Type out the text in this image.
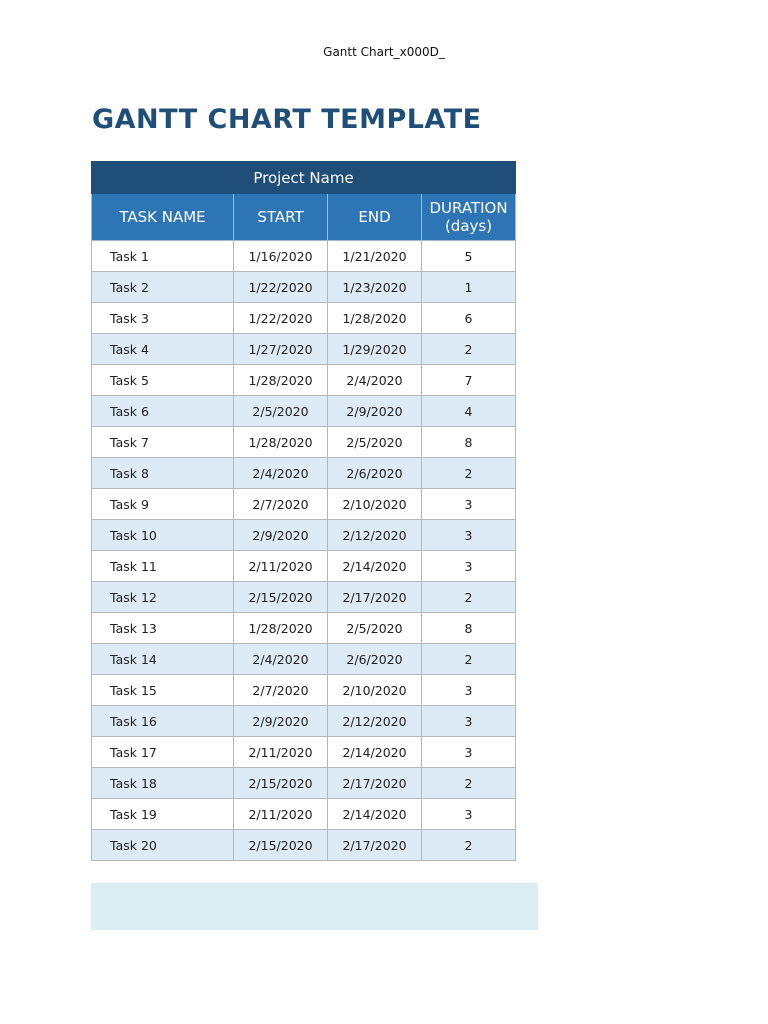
Gantt Chart_x000D_
GANTT CHART TEMPLATE
Project Name			
TASK NAME	START	END	DURATION
(days)
Task 1	1/16/2020	1/21/2020	5
Task 2	1/22/2020	1/23/2020	1
Task 3	1/22/2020	1/28/2020	6
Task 4	1/27/2020	1/29/2020	2
Task 5	1/28/2020	2/4/2020	7
Task 6	2/5/2020	2/9/2020	4
Task 7	1/28/2020	2/5/2020	8
Task 8	2/4/2020	2/6/2020	2
Task 9	2/7/2020	2/10/2020	3
Task 10	2/9/2020	2/12/2020	3
Task 11	2/11/2020	2/14/2020	3
Task 12	2/15/2020	2/17/2020	2
Task 13	1/28/2020	2/5/2020	8
Task 14	2/4/2020	2/6/2020	2
Task 15	2/7/2020	2/10/2020	3
Task 16	2/9/2020	2/12/2020	3
Task 17	2/11/2020	2/14/2020	3
Task 18	2/15/2020	2/17/2020	2
Task 19	2/11/2020	2/14/2020	3
Task 20	2/15/2020	2/17/2020	2
